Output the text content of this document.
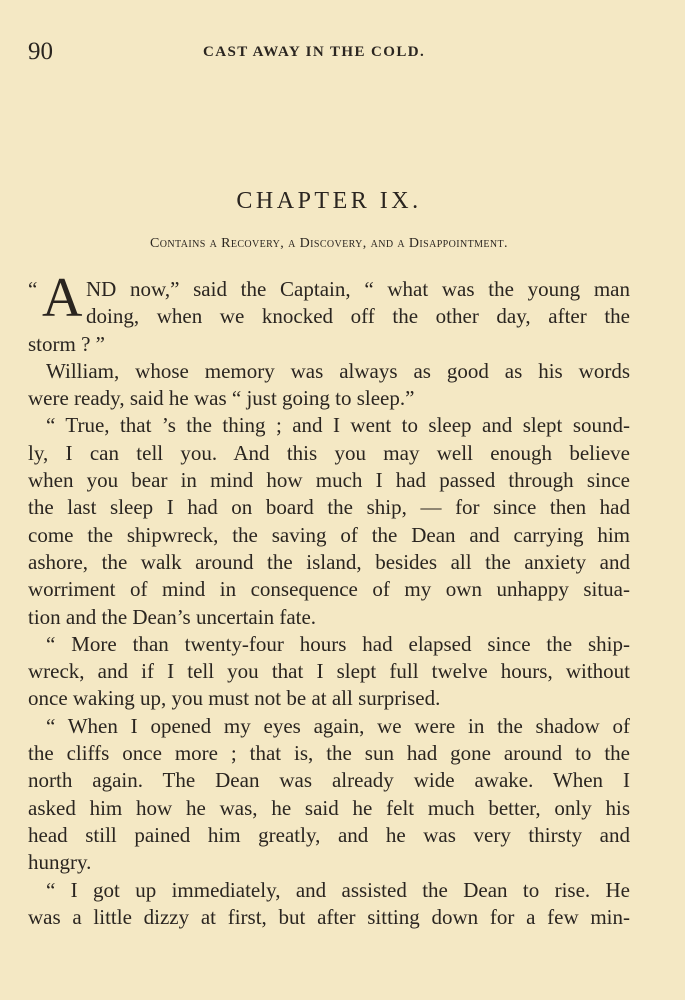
90	CAST AWAY IN THE COLD.
CHAPTER IX.
Contains a Recovery, a Discovery, and a Disappointment.
“ A ND now,” said the Captain, “ what was the young man
doing, when we knocked off the other day, after the
storm ? ”
William, whose memory was always as good as his words
were ready, said he was “ just going to sleep.”
“ True, that ’s the thing ; and I went to sleep and slept sound-
ly, I can tell you. And this you may well enough believe
when you bear in mind how much I had passed through since
the last sleep I had on board the ship, — for since then had
come the shipwreck, the saving of the Dean and carrying him
ashore, the walk around the island, besides all the anxiety and
worriment of mind in consequence of my own unhappy situa-
tion and the Dean’s uncertain fate.
“ More than twenty-four hours had elapsed since the ship-
wreck, and if I tell you that I slept full twelve hours, without
once waking up, you must not be at all surprised.
“ When I opened my eyes again, we were in the shadow of
the cliffs once more ; that is, the sun had gone around to the
north again. The Dean was already wide awake. When I
asked him how he was, he said he felt much better, only his
head still pained him greatly, and he was very thirsty and
hungry.
“ I got up immediately, and assisted the Dean to rise. He
was a little dizzy at first, but after sitting down for a few min-
